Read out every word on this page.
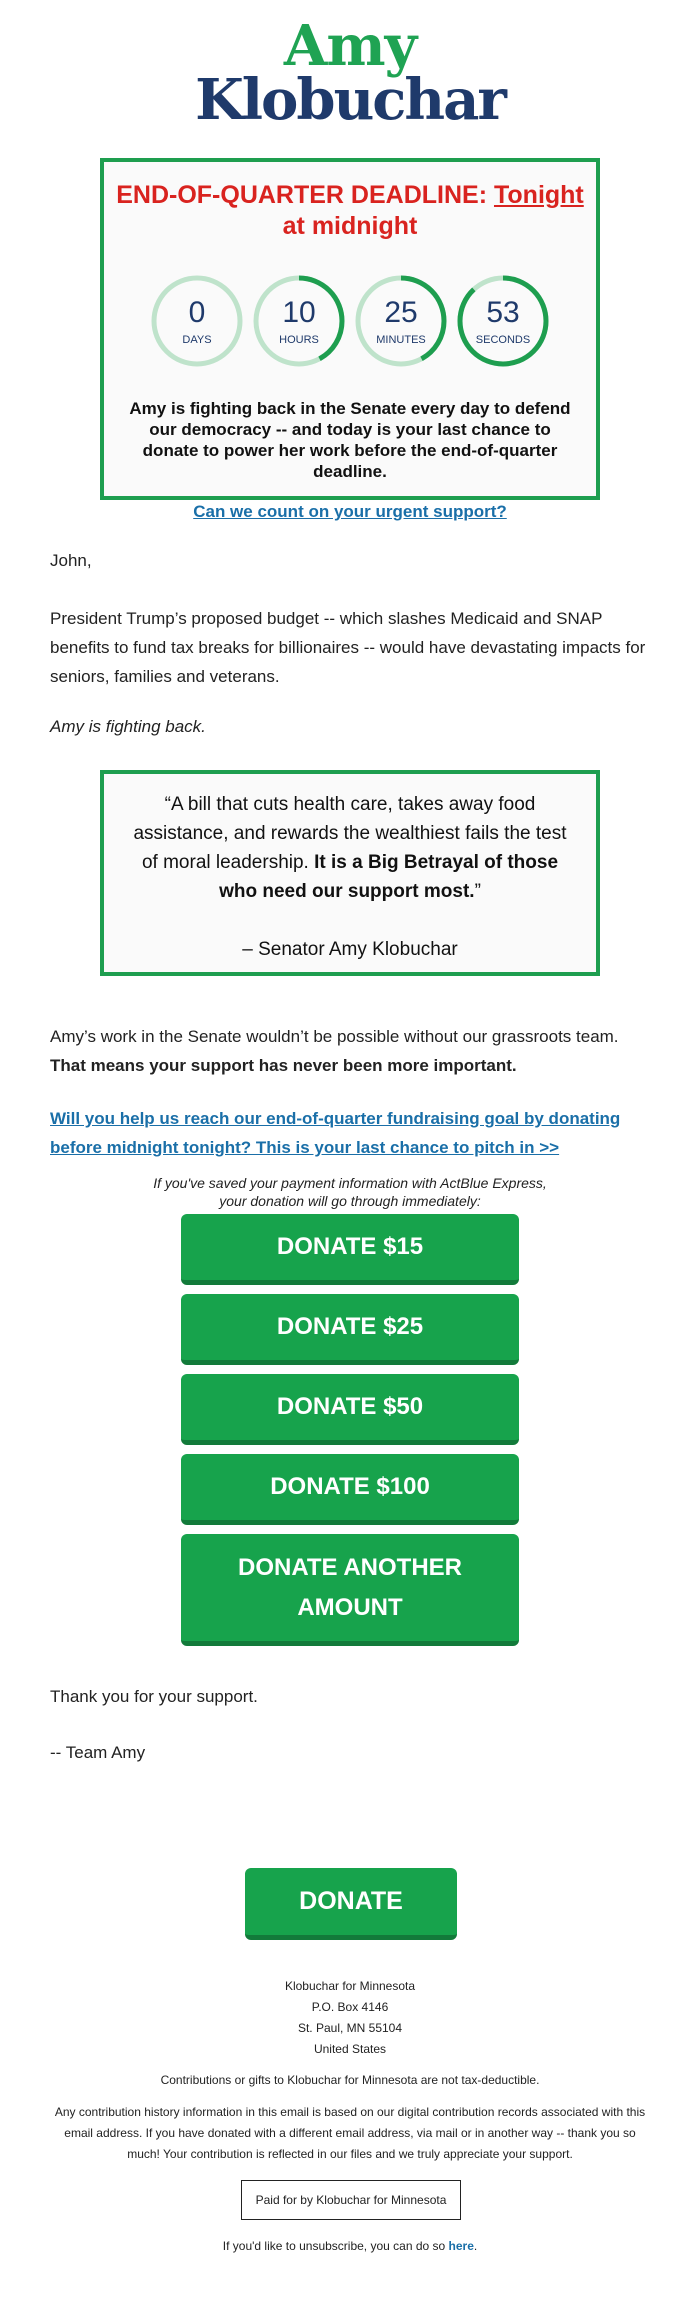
Amy
Klobuchar
END-OF-QUARTER DEADLINE: Tonight
at midnight
0
DAYS
10
HOURS
25
MINUTES
53
SECONDS
Amy is fighting back in the Senate every day to defend our democracy -- and today is your last chance to donate to power her work before the end-of-quarter deadline.
Can we count on your urgent support?
John,
President Trump’s proposed budget -- which slashes Medicaid and SNAP benefits to fund tax breaks for billionaires -- would have devastating impacts for seniors, families and veterans.
Amy is fighting back.
“A bill that cuts health care, takes away food assistance, and rewards the wealthiest fails the test of moral leadership. It is a Big Betrayal of those who need our support most.”
– Senator Amy Klobuchar
Amy’s work in the Senate wouldn’t be possible without our grassroots team. That means your support has never been more important.
Will you help us reach our end-of-quarter fundraising goal by donating before midnight tonight? This is your last chance to pitch in >>
If you've saved your payment information with ActBlue Express,
your donation will go through immediately:
DONATE $15
DONATE $25
DONATE $50
DONATE $100
DONATE ANOTHER AMOUNT
Thank you for your support.
-- Team Amy
DONATE
Klobuchar for Minnesota
P.O. Box 4146
St. Paul, MN 55104
United States
Contributions or gifts to Klobuchar for Minnesota are not tax-deductible.
Any contribution history information in this email is based on our digital contribution records associated with this email address. If you have donated with a different email address, via mail or in another way -- thank you so much! Your contribution is reflected in our files and we truly appreciate your support.
Paid for by Klobuchar for Minnesota
If you'd like to unsubscribe, you can do so here.
